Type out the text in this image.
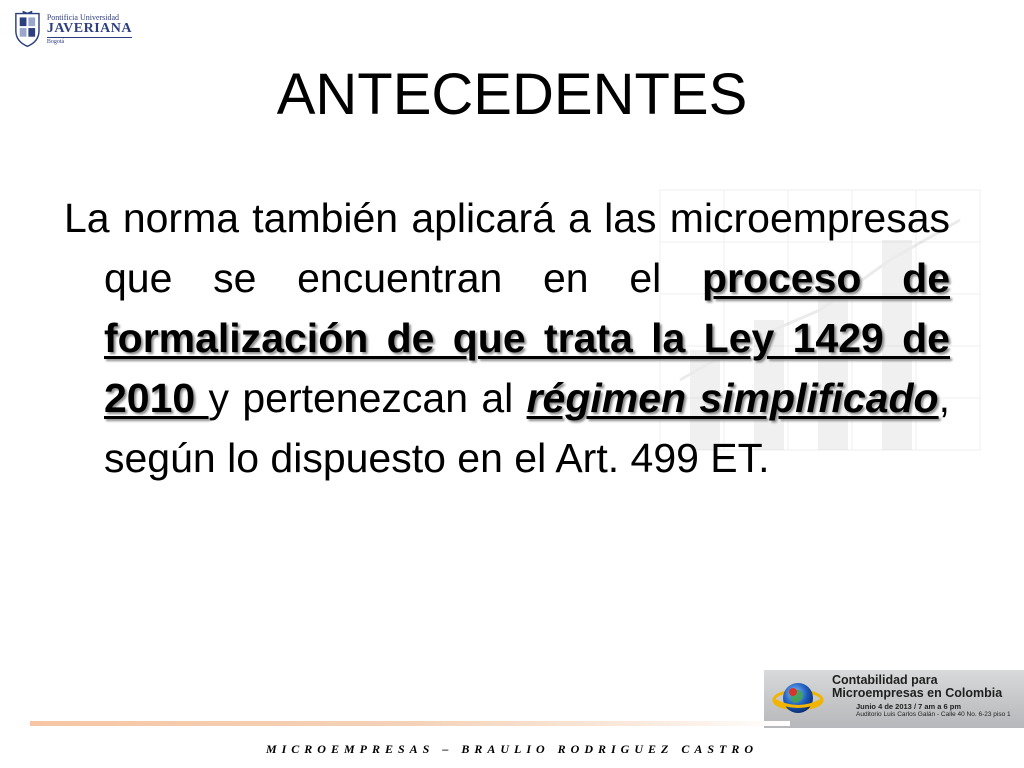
Pontificia Universidad
JAVERIANA
Bogotá
ANTECEDENTES

La norma también aplicará a las microempresas que se encuentran en el proceso de formalización de que trata la Ley 1429 de 2010 y pertenezcan al régimen simplificado, según lo dispuesto en el Art. 499 ET.

Contabilidad para
Microempresas en Colombia
Junio 4 de 2013 / 7 am a 6 pm
Auditorio Luis Carlos Galán - Calle 40 No. 6-23 piso 1
MICROEMPRESAS – BRAULIO RODRIGUEZ CASTRO
